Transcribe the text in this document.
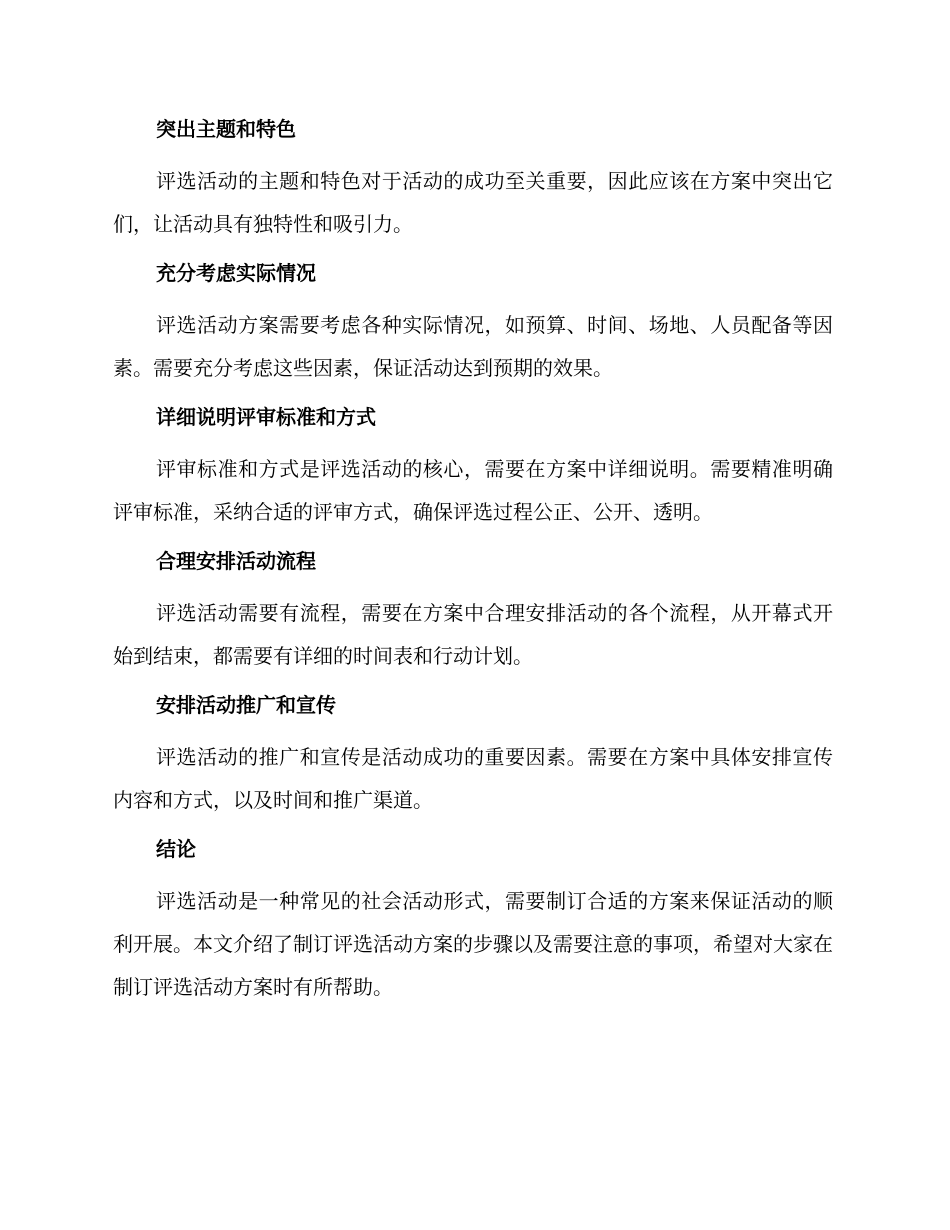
突出主题和特色

评选活动的主题和特色对于活动的成功至关重要，因此应该在方案中突出它们，让活动具有独特性和吸引力。

充分考虑实际情况

评选活动方案需要考虑各种实际情况，如预算、时间、场地、人员配备等因素。需要充分考虑这些因素，保证活动达到预期的效果。

详细说明评审标准和方式

评审标准和方式是评选活动的核心，需要在方案中详细说明。需要精准明确评审标准，采纳合适的评审方式，确保评选过程公正、公开、透明。

合理安排活动流程

评选活动需要有流程，需要在方案中合理安排活动的各个流程，从开幕式开始到结束，都需要有详细的时间表和行动计划。

安排活动推广和宣传

评选活动的推广和宣传是活动成功的重要因素。需要在方案中具体安排宣传内容和方式，以及时间和推广渠道。

结论

评选活动是一种常见的社会活动形式，需要制订合适的方案来保证活动的顺利开展。本文介绍了制订评选活动方案的步骤以及需要注意的事项，希望对大家在制订评选活动方案时有所帮助。
